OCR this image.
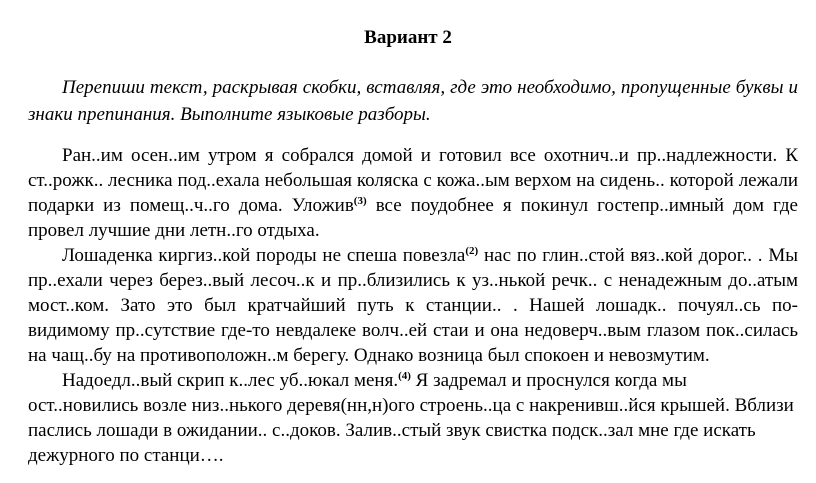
Вариант 2
Перепиши текст, раскрывая скобки, вставляя, где это необходимо, пропущенные буквы и знаки препинания. Выполните языковые разборы.

Ран..им осен..им утром я собрался домой и готовил все охотнич..и пр..надлежности. К ст..рожк.. лесника под..ехала небольшая коляска с кожа..ым верхом на сидень.. которой лежали подарки из помещ..ч..го дома. Уложив$^{(3)}$ все поудобнее я покинул гостепр..имный дом где провел лучшие дни летн..го отдыха.

Лошаденка киргиз..кой породы не спеша повезла$^{(2)}$ нас по глин..стой вяз..кой дорог.. . Мы пр..ехали через берез..вый лесоч..к и пр..близились к уз..нькой речк.. с ненадежным до..атым мост..ком. Зато это был кратчайший путь к станции.. . Нашей лошадк.. почуял..сь по-видимому пр..сутствие где-то невдалеке волч..ей стаи и она недоверч..вым глазом пок..силась на чащ..бу на противоположн..м берегу. Однако возница был спокоен и невозмутим.

Надоедл..вый скрип к..лес уб..юкал меня.$^{(4)}$ Я задремал и проснулся когда мы ост..новились возле низ..нького деревя(нн,н)ого строень..ца с накренивш..йся крышей. Вблизи паслись лошади в ожидании.. с..доков. Залив..стый звук свистка подск..зал мне где искать дежурного по станци….
